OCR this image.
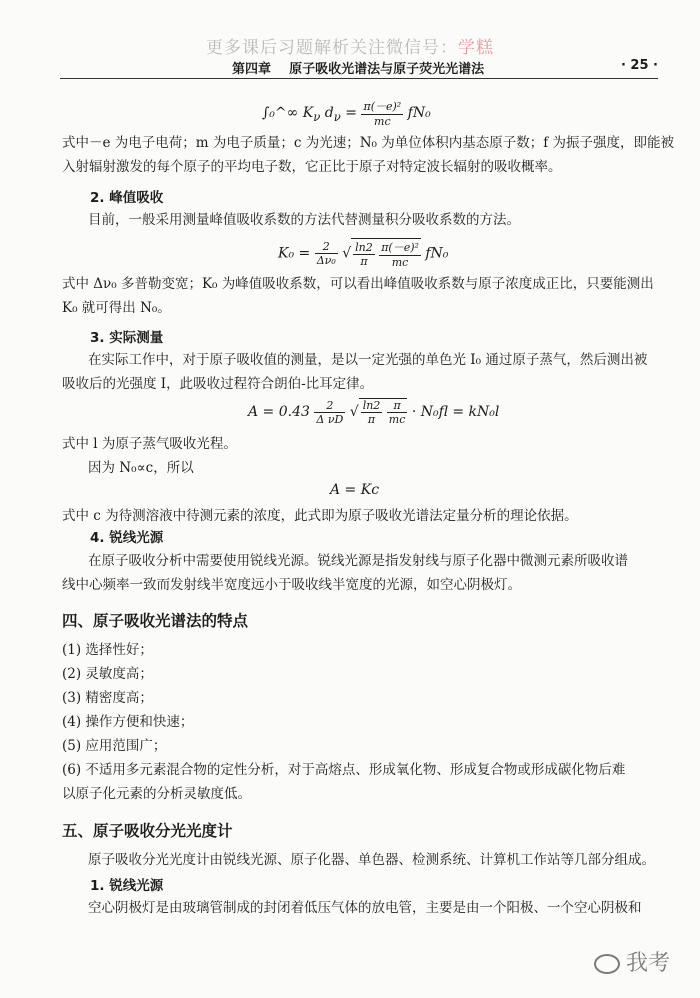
更多课后习题解析关注微信号：学糕
第四章 原子吸收光谱法与原子荧光光谱法	· 25 ·
∫₀^∞ $K_\nu$ $d_\nu = \frac{\text{π(－e)²}}{mc} fN_0$
式中－e 为电子电荷；m 为电子质量；c 为光速；N₀ 为单位体积内基态原子数；f 为振子强度，即能被
入射辐射激发的每个原子的平均电子数，它正比于原子对特定波长辐射的吸收概率。
2. 峰值吸收
目前，一般采用测量峰值吸收系数的方法代替测量积分吸收系数的方法。
$K_0 = \frac{2}{\text{Δν₀}}$ √ $\frac{\ln 2}{\pi}$
$\frac{\text{π(－e)²}}{mc} fN_0$
式中 Δν₀ 多普勒变宽；K₀ 为峰值吸收系数，可以看出峰值吸收系数与原子浓度成正比，只要能测出
K₀ 就可得出 N₀。
3. 实际测量
在实际工作中，对于原子吸收值的测量，是以一定光强的单色光 I₀ 通过原子蒸气，然后测出被
吸收后的光强度 I，此吸收过程符合朗伯-比耳定律。
$A = 0.43 \frac{2}{\text{Δ νD}}$ √ $\frac{\ln 2}{\pi}$
$\frac{\pi}{mc} \cdot N_0fl = kN_0l$
式中 l 为原子蒸气吸收光程。
因为 N₀∝c，所以
A = Kc
式中 c 为待测溶液中待测元素的浓度，此式即为原子吸收光谱法定量分析的理论依据。
4. 锐线光源
在原子吸收分析中需要使用锐线光源。锐线光源是指发射线与原子化器中微测元素所吸收谱
线中心频率一致而发射线半宽度远小于吸收线半宽度的光源，如空心阴极灯。
四、原子吸收光谱法的特点
(1) 选择性好；
(2) 灵敏度高；
(3) 精密度高；
(4) 操作方便和快速；
(5) 应用范围广；
(6) 不适用多元素混合物的定性分析，对于高熔点、形成氧化物、形成复合物或形成碳化物后难
以原子化元素的分析灵敏度低。
五、原子吸收分光光度计
原子吸收分光光度计由锐线光源、原子化器、单色器、检测系统、计算机工作站等几部分组成。
1. 锐线光源
空心阴极灯是由玻璃管制成的封闭着低压气体的放电管，主要是由一个阳极、一个空心阴极和
我考
